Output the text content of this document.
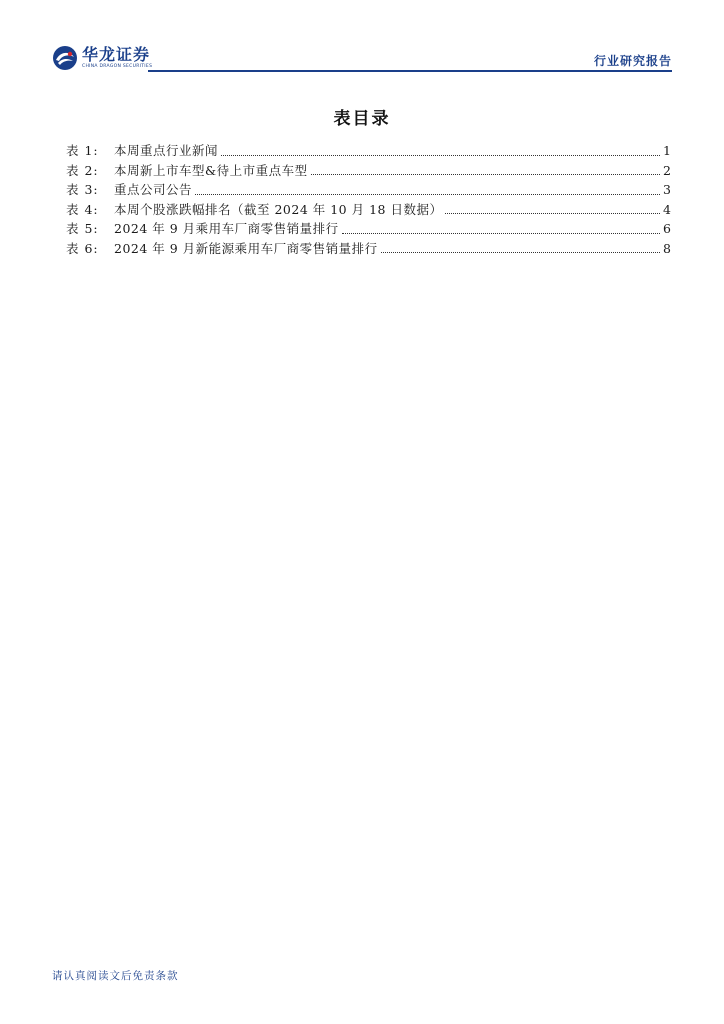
华龙证券
CHINA DRAGON SECURITIES	行业研究报告
表目录
表 1:	本周重点行业新闻	1
表 2:	本周新上市车型&待上市重点车型	2
表 3:	重点公司公告	3
表 4:	本周个股涨跌幅排名（截至 2024 年 10 月 18 日数据）	4
表 5:	2024 年 9 月乘用车厂商零售销量排行	6
表 6:	2024 年 9 月新能源乘用车厂商零售销量排行	8
请认真阅读文后免责条款
